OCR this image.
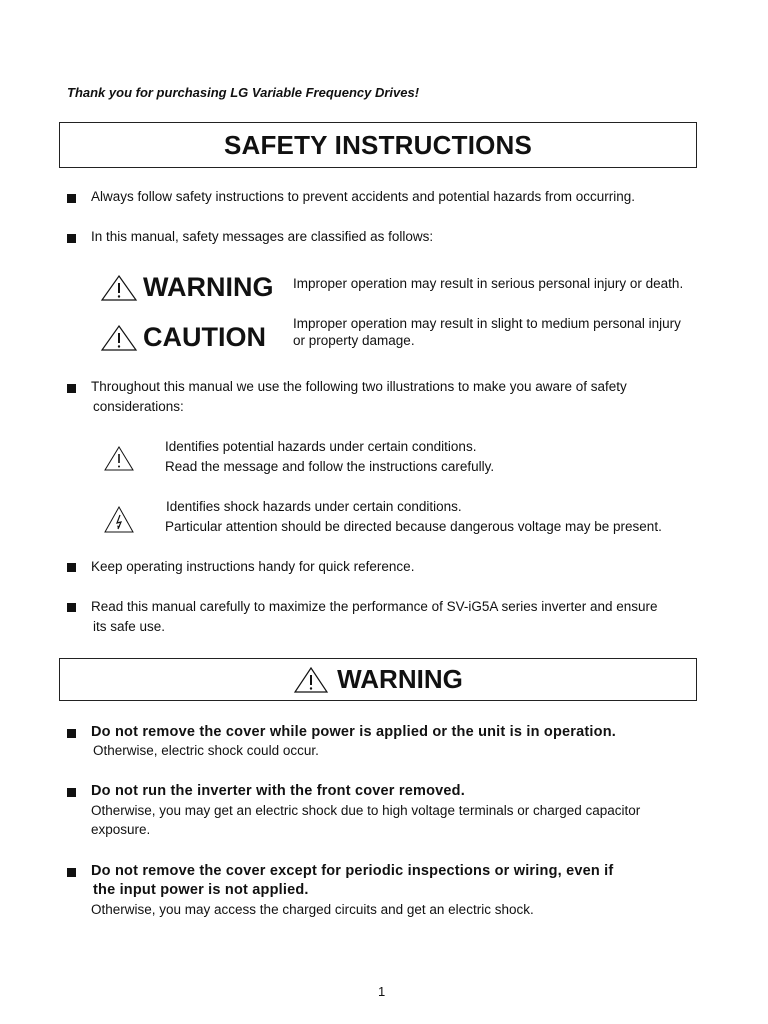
Thank you for purchasing LG Variable Frequency Drives!
SAFETY INSTRUCTIONS
Always follow safety instructions to prevent accidents and potential hazards from occurring.
In this manual, safety messages are classified as follows:
WARNING Improper operation may result in serious personal injury or death.
CAUTION Improper operation may result in slight to medium personal injury
or property damage.
Throughout this manual we use the following two illustrations to make you aware of safety
considerations:
Identifies potential hazards under certain conditions.
Read the message and follow the instructions carefully.
Identifies shock hazards under certain conditions.
Particular attention should be directed because dangerous voltage may be present.
Keep operating instructions handy for quick reference.
Read this manual carefully to maximize the performance of SV-iG5A series inverter and ensure
its safe use.
WARNING
Do not remove the cover while power is applied or the unit is in operation.
Otherwise, electric shock could occur.
Do not run the inverter with the front cover removed.
Otherwise, you may get an electric shock due to high voltage terminals or charged capacitor
exposure.
Do not remove the cover except for periodic inspections or wiring, even if
the input power is not applied.
Otherwise, you may access the charged circuits and get an electric shock.
1
